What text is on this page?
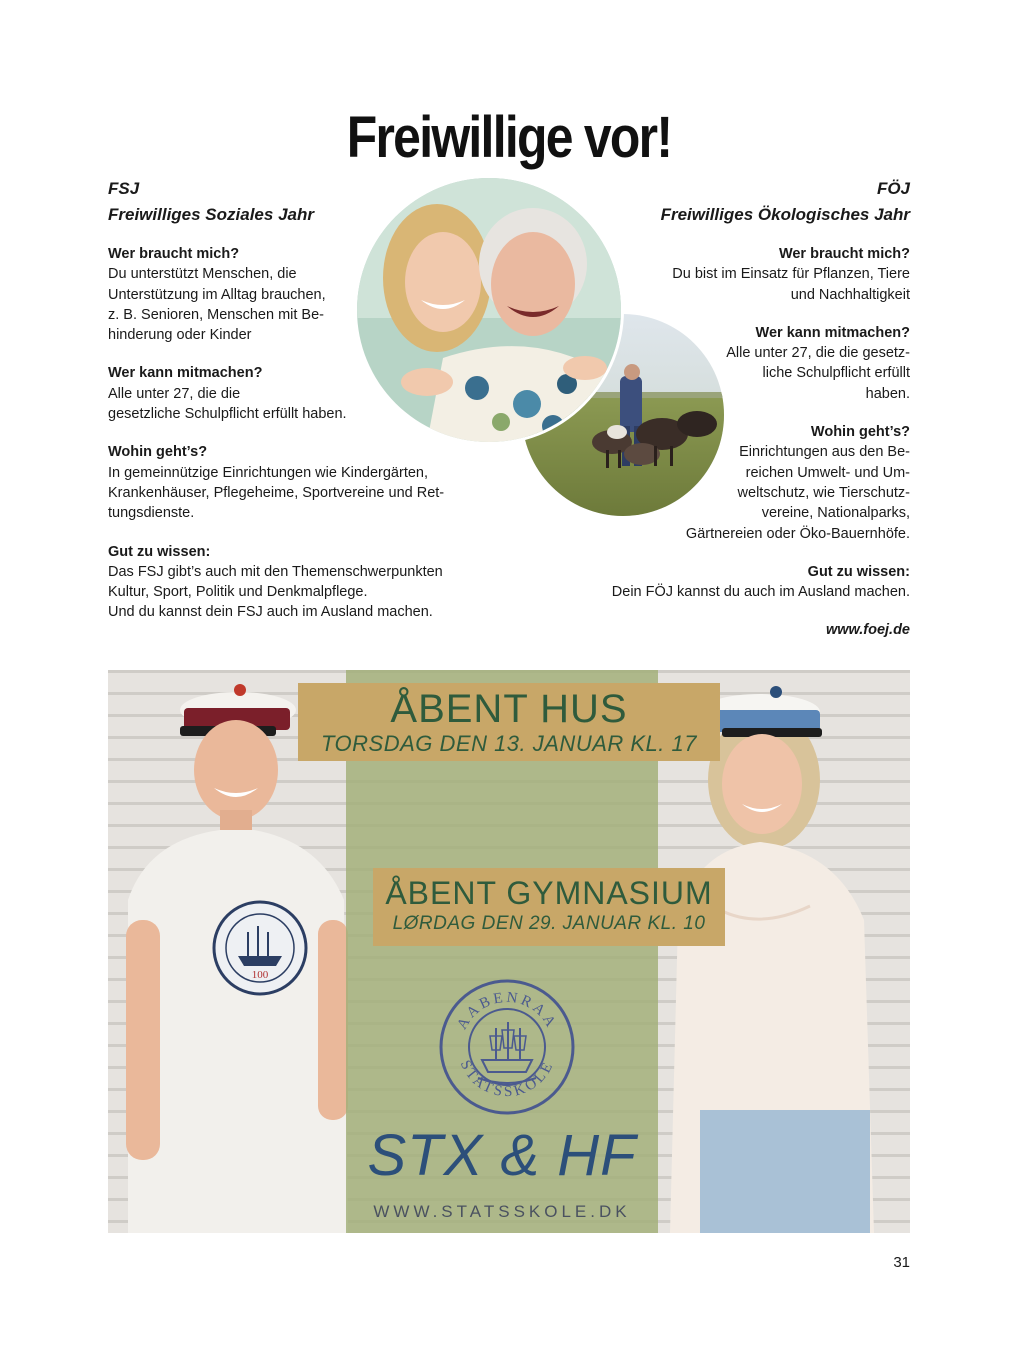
Freiwillige vor!
FSJ
Freiwilliges Soziales Jahr
Wer braucht mich?

Du unterstützt Menschen, die

Unterstützung im Alltag brauchen,

z. B. Senioren, Menschen mit Be-

hinderung oder Kinder

Wer kann mitmachen?

Alle unter 27, die die

gesetzliche Schulpflicht erfüllt haben.

Wohin geht’s?

In gemeinnützige Einrichtungen wie Kindergärten,

Krankenhäuser, Pflegeheime, Sportvereine und Ret-

tungsdienste.

Gut zu wissen:

Das FSJ gibt’s auch mit den Themenschwerpunkten

Kultur, Sport, Politik und Denkmalpflege.

Und du kannst dein FSJ auch im Ausland machen.

FÖJ
Freiwilliges Ökologisches Jahr
Wer braucht mich?

Du bist im Einsatz für Pflanzen, Tiere

und Nachhaltigkeit

Wer kann mitmachen?

Alle unter 27, die die gesetz-

liche Schulpflicht erfüllt

haben.

Wohin geht’s?

Einrichtungen aus den Be-

reichen Umwelt- und Um-

weltschutz, wie Tierschutz-

vereine, Nationalparks,

Gärtnereien oder Öko-Bauernhöfe.

Gut zu wissen:

Dein FÖJ kannst du auch im Ausland machen.

www.foej.de
100
ÅBENT HUS
TORSDAG DEN 13. JANUAR KL. 17
ÅBENT GYMNASIUM
LØRDAG DEN 29. JANUAR KL. 10
AABENRAA
STATSSKOLE
STX & HF
WWW.STATSSKOLE.DK
31
